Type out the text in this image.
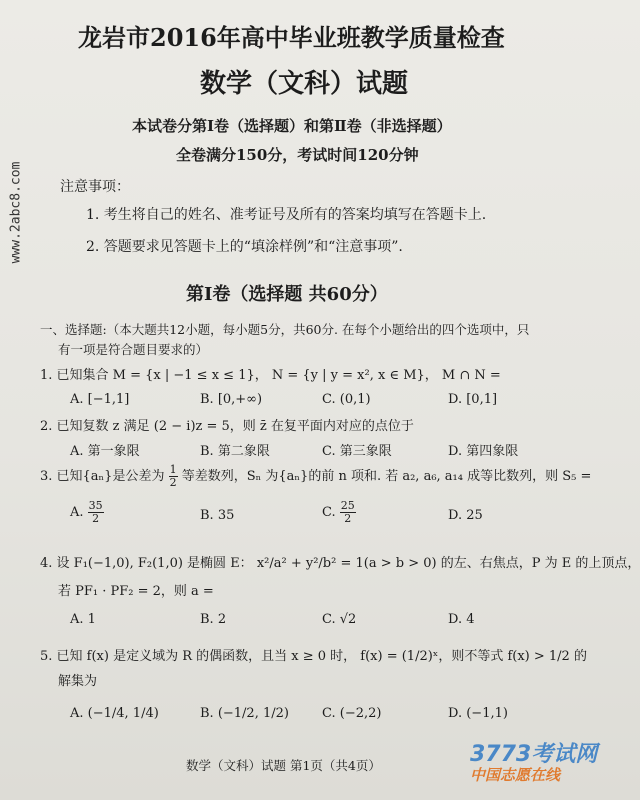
www.2abc8.com
龙岩市2016年高中毕业班教学质量检查
数学（文科）试题
本试卷分第Ⅰ卷（选择题）和第Ⅱ卷（非选择题）
全卷满分150分，考试时间120分钟
注意事项：
1. 考生将自己的姓名、准考证号及所有的答案均填写在答题卡上.
2. 答题要求见答题卡上的“填涂样例”和“注意事项”.
第Ⅰ卷（选择题 共60分）
一、选择题:（本大题共12小题，每小题5分，共60分. 在每个小题给出的四个选项中，只
有一项是符合题目要求的）
1. 已知集合 M = {x | −1 ≤ x ≤ 1}， N = {y | y = x², x ∈ M}， M ∩ N =
A. [−1,1]	B. [0,+∞)	C. (0,1)	D. [0,1]
2. 已知复数 z 满足 (2 − i)z = 5，则 z̄ 在复平面内对应的点位于
A. 第一象限	B. 第二象限	C. 第三象限	D. 第四象限
3. 已知{aₙ}是公差为 $\frac{1}{2}$ 等差数列，Sₙ 为{aₙ}的前 n 项和. 若 a₂, a₆, a₁₄ 成等比数列，则 S₅ =
A. $\frac{35}{2}$	B. 35	C. $\frac{25}{2}$	D. 25
4. 设 F₁(−1,0), F₂(1,0) 是椭圆 E： x²/a² + y²/b² = 1(a > b > 0) 的左、右焦点，P 为 E 的上顶点，
若 PF₁ · PF₂ = 2，则 a =
A. 1	B. 2	C. √2	D. 4
5. 已知 f(x) 是定义域为 R 的偶函数，且当 x ≥ 0 时， f(x) = (1/2)ˣ，则不等式 f(x) > 1/2 的
解集为
A. (−1/4, 1/4)	B. (−1/2, 1/2)	C. (−2,2)	D. (−1,1)
数学（文科）试题 第1页（共4页）	3773考试网
中国志愿在线
